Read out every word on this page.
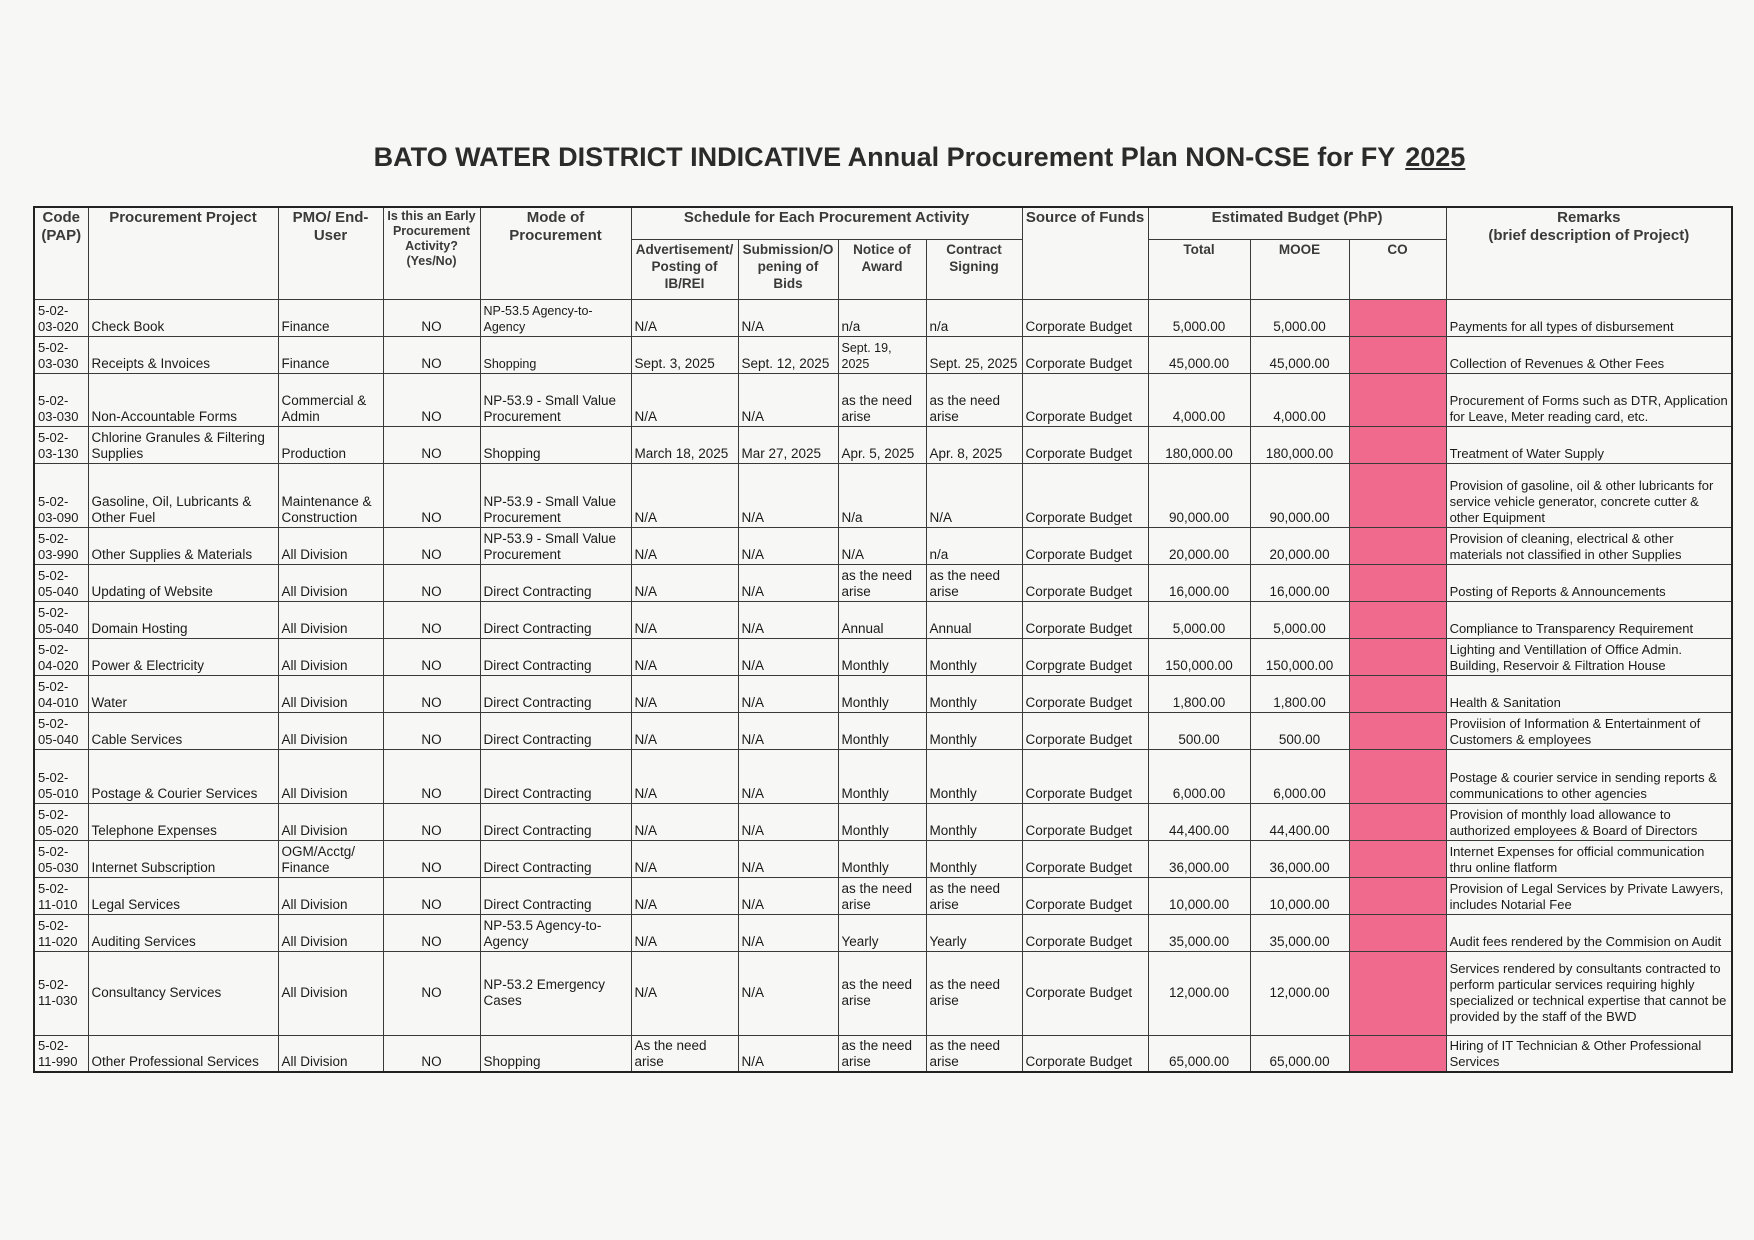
BATO WATER DISTRICT INDICATIVE Annual Procurement Plan NON-CSE for FY 2025
Code (PAP)	Procurement Project	PMO/ End-User	Is this an Early Procurement Activity? (Yes/No)	Mode of Procurement	Schedule for Each Procurement Activity				Source of Funds	Estimated Budget (PhP)			Remarks
(brief description of Project)

					Advertisement/ Posting of IB/REI	Submission/O pening of Bids	Notice of Award	Contract Signing		Total	MOOE	CO	
5-02-03-020	Check Book	Finance	NO	NP-53.5 Agency-to-Agency	N/A	N/A	n/a	n/a	Corporate Budget	5,000.00	5,000.00		Payments for all types of disbursement
5-02-03-030	Receipts & Invoices	Finance	NO	Shopping	Sept. 3, 2025	Sept. 12, 2025	Sept. 19, 2025	Sept. 25, 2025	Corporate Budget	45,000.00	45,000.00		Collection of Revenues & Other Fees
5-02-03-030	Non-Accountable Forms	Commercial & Admin	NO	NP-53.9 - Small Value Procurement	N/A	N/A	as the need arise	as the need arise	Corporate Budget	4,000.00	4,000.00		Procurement of Forms such as DTR, Application for Leave, Meter reading card, etc.
5-02-03-130	Chlorine Granules & Filtering Supplies	Production	NO	Shopping	March 18, 2025	Mar 27, 2025	Apr. 5, 2025	Apr. 8, 2025	Corporate Budget	180,000.00	180,000.00		Treatment of Water Supply
5-02-03-090	Gasoline, Oil, Lubricants & Other Fuel	Maintenance & Construction	NO	NP-53.9 - Small Value Procurement	N/A	N/A	N/a	N/A	Corporate Budget	90,000.00	90,000.00		Provision of gasoline, oil & other lubricants for service vehicle generator, concrete cutter & other Equipment
5-02-03-990	Other Supplies & Materials	All Division	NO	NP-53.9 - Small Value Procurement	N/A	N/A	N/A	n/a	Corporate Budget	20,000.00	20,000.00		Provision of cleaning, electrical & other materials not classified in other Supplies
5-02-05-040	Updating of Website	All Division	NO	Direct Contracting	N/A	N/A	as the need arise	as the need arise	Corporate Budget	16,000.00	16,000.00		Posting of Reports & Announcements
5-02-05-040	Domain Hosting	All Division	NO	Direct Contracting	N/A	N/A	Annual	Annual	Corporate Budget	5,000.00	5,000.00		Compliance to Transparency Requirement
5-02-04-020	Power & Electricity	All Division	NO	Direct Contracting	N/A	N/A	Monthly	Monthly	Corpgrate Budget	150,000.00	150,000.00		Lighting and Ventillation of Office Admin. Building, Reservoir & Filtration House
5-02-04-010	Water	All Division	NO	Direct Contracting	N/A	N/A	Monthly	Monthly	Corporate Budget	1,800.00	1,800.00		Health & Sanitation
5-02-05-040	Cable Services	All Division	NO	Direct Contracting	N/A	N/A	Monthly	Monthly	Corporate Budget	500.00	500.00		Proviision of Information & Entertainment of Customers & employees
5-02-05-010	Postage & Courier Services	All Division	NO	Direct Contracting	N/A	N/A	Monthly	Monthly	Corporate Budget	6,000.00	6,000.00		Postage & courier service in sending reports & communications to other agencies
5-02-05-020	Telephone Expenses	All Division	NO	Direct Contracting	N/A	N/A	Monthly	Monthly	Corporate Budget	44,400.00	44,400.00		Provision of monthly load allowance to authorized employees & Board of Directors
5-02-05-030	Internet Subscription	OGM/Acctg/ Finance	NO	Direct Contracting	N/A	N/A	Monthly	Monthly	Corporate Budget	36,000.00	36,000.00		Internet Expenses for official communication thru online flatform
5-02-11-010	Legal Services	All Division	NO	Direct Contracting	N/A	N/A	as the need arise	as the need arise	Corporate Budget	10,000.00	10,000.00		Provision of Legal Services by Private Lawyers, includes Notarial Fee
5-02-11-020	Auditing Services	All Division	NO	NP-53.5 Agency-to-Agency	N/A	N/A	Yearly	Yearly	Corporate Budget	35,000.00	35,000.00		Audit fees rendered by the Commision on Audit
5-02-11-030	Consultancy Services	All Division	NO	NP-53.2 Emergency Cases	N/A	N/A	as the need arise	as the need arise	Corporate Budget	12,000.00	12,000.00		Services rendered by consultants contracted to perform particular services requiring highly specialized or technical expertise that cannot be provided by the staff of the BWD
5-02-11-990	Other Professional Services	All Division	NO	Shopping	As the need arise	N/A	as the need arise	as the need arise	Corporate Budget	65,000.00	65,000.00		Hiring of IT Technician & Other Professional Services
